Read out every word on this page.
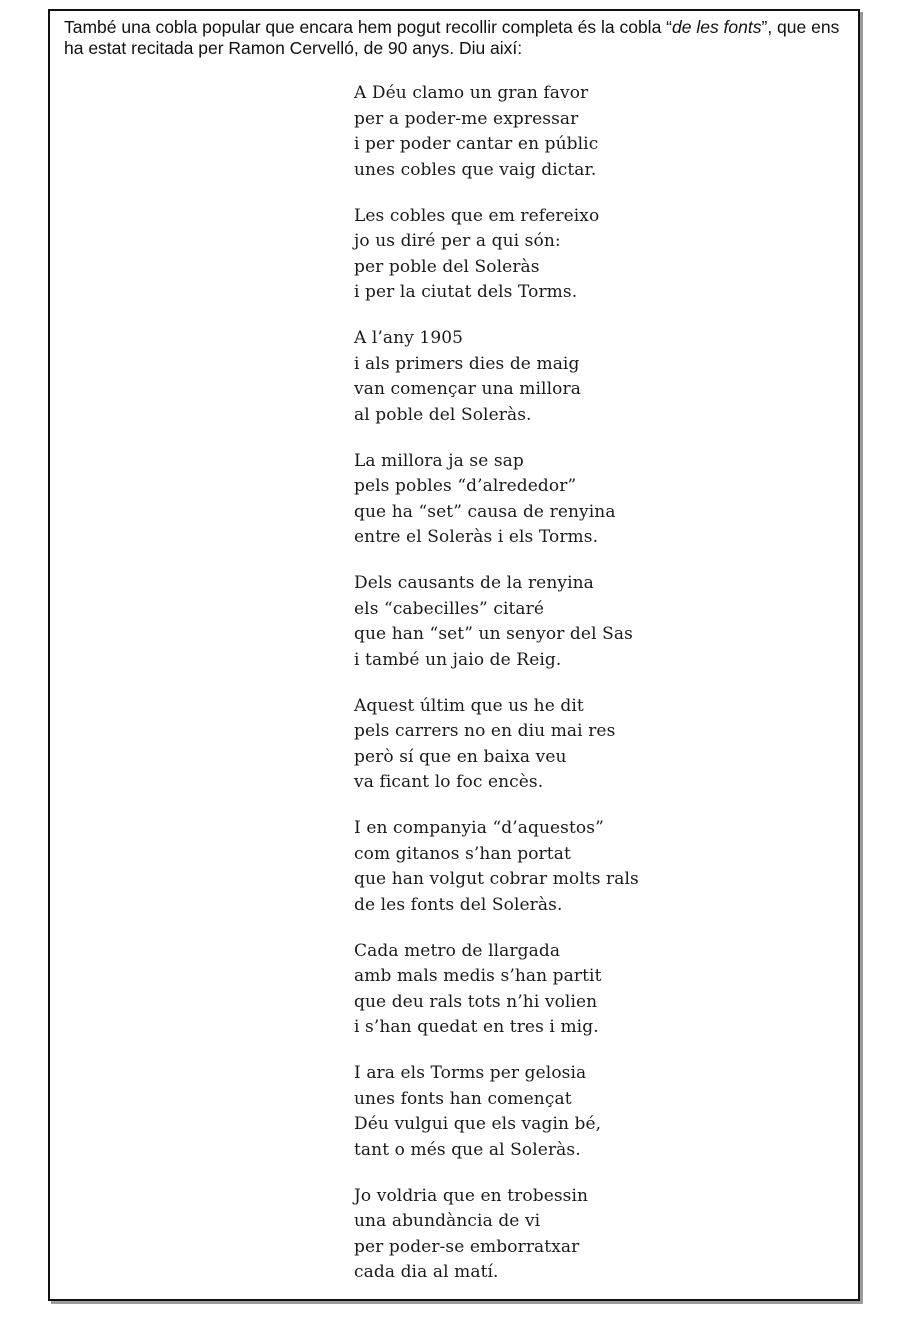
També una cobla popular que encara hem pogut recollir completa és la cobla “de les fonts”, que ens ha estat recitada per Ramon Cervelló, de 90 anys. Diu així:

A Déu clamo un gran favor
per a poder-me expressar
i per poder cantar en públic
unes cobles que vaig dictar.
Les cobles que em refereixo
jo us diré per a qui són:
per poble del Soleràs
i per la ciutat dels Torms.
A l’any 1905
i als primers dies de maig
van començar una millora
al poble del Soleràs.
La millora ja se sap
pels pobles “d’alrededor”
que ha “set” causa de renyina
entre el Soleràs i els Torms.
Dels causants de la renyina
els “cabecilles” citaré
que han “set” un senyor del Sas
i també un jaio de Reig.
Aquest últim que us he dit
pels carrers no en diu mai res
però sí que en baixa veu
va ficant lo foc encès.
I en companyia “d’aquestos”
com gitanos s’han portat
que han volgut cobrar molts rals
de les fonts del Soleràs.
Cada metro de llargada
amb mals medis s’han partit
que deu rals tots n’hi volien
i s’han quedat en tres i mig.
I ara els Torms per gelosia
unes fonts han començat
Déu vulgui que els vagin bé,
tant o més que al Soleràs.
Jo voldria que en trobessin
una abundància de vi
per poder-se emborratxar
cada dia al matí.
